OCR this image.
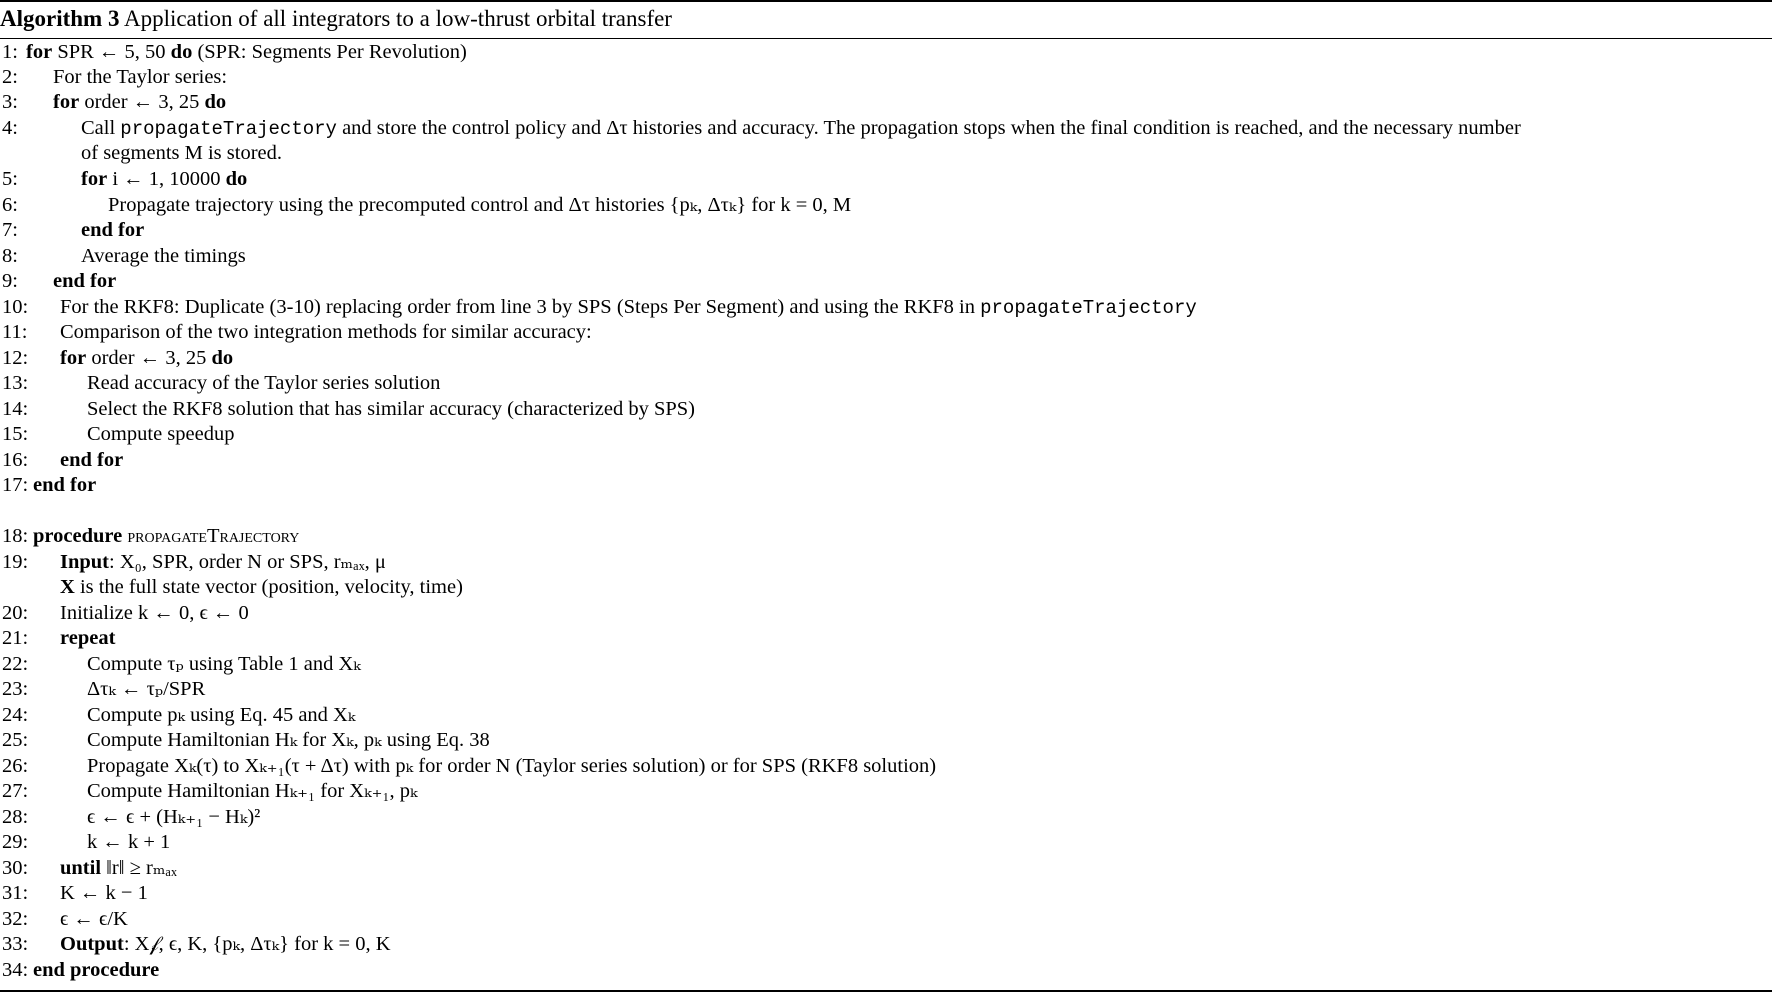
Algorithm 3 Application of all integrators to a low-thrust orbital transfer
1: for SPR ← 5, 50 do (SPR: Segments Per Revolution)
2: For the Taylor series:
3: for order ← 3, 25 do
4:	Call propagateTrajectory and store the control policy and Δτ histories and accuracy. The propagation stops when the final condition is reached, and the necessary number
of segments M is stored.
5:	for i ← 1, 10000 do
6:	Propagate trajectory using the precomputed control and Δτ histories {pₖ, Δτₖ} for k = 0, M
7:	end for
8:	Average the timings
9: end for
10: For the RKF8: Duplicate (3-10) replacing order from line 3 by SPS (Steps Per Segment) and using the RKF8 in propagateTrajectory
11: Comparison of the two integration methods for similar accuracy:
12: for order ← 3, 25 do
13:	Read accuracy of the Taylor series solution
14:	Select the RKF8 solution that has similar accuracy (characterized by SPS)
15:	Compute speedup
16: end for
17: end for
18: procedure propagateTrajectory
19: Input: X₀, SPR, order N or SPS, rₘₐₓ, μ
X is the full state vector (position, velocity, time)
20: Initialize k ← 0, ϵ ← 0
21: repeat
22:	Compute τₚ using Table 1 and Xₖ
23:	Δτₖ ← τₚ/SPR
24:	Compute pₖ using Eq. 45 and Xₖ
25:	Compute Hamiltonian Hₖ for Xₖ, pₖ using Eq. 38
26:	Propagate Xₖ(τ) to Xₖ₊₁(τ + Δτ) with pₖ for order N (Taylor series solution) or for SPS (RKF8 solution)
27:	Compute Hamiltonian Hₖ₊₁ for Xₖ₊₁, pₖ
28:	ϵ ← ϵ + (Hₖ₊₁ − Hₖ)²
29:	k ← k + 1
30: until ‖r‖ ≥ rₘₐₓ
31: K ← k − 1
32: ϵ ← ϵ/K
33: Output: X𝒻, ϵ, K, {pₖ, Δτₖ} for k = 0, K
34: end procedure
